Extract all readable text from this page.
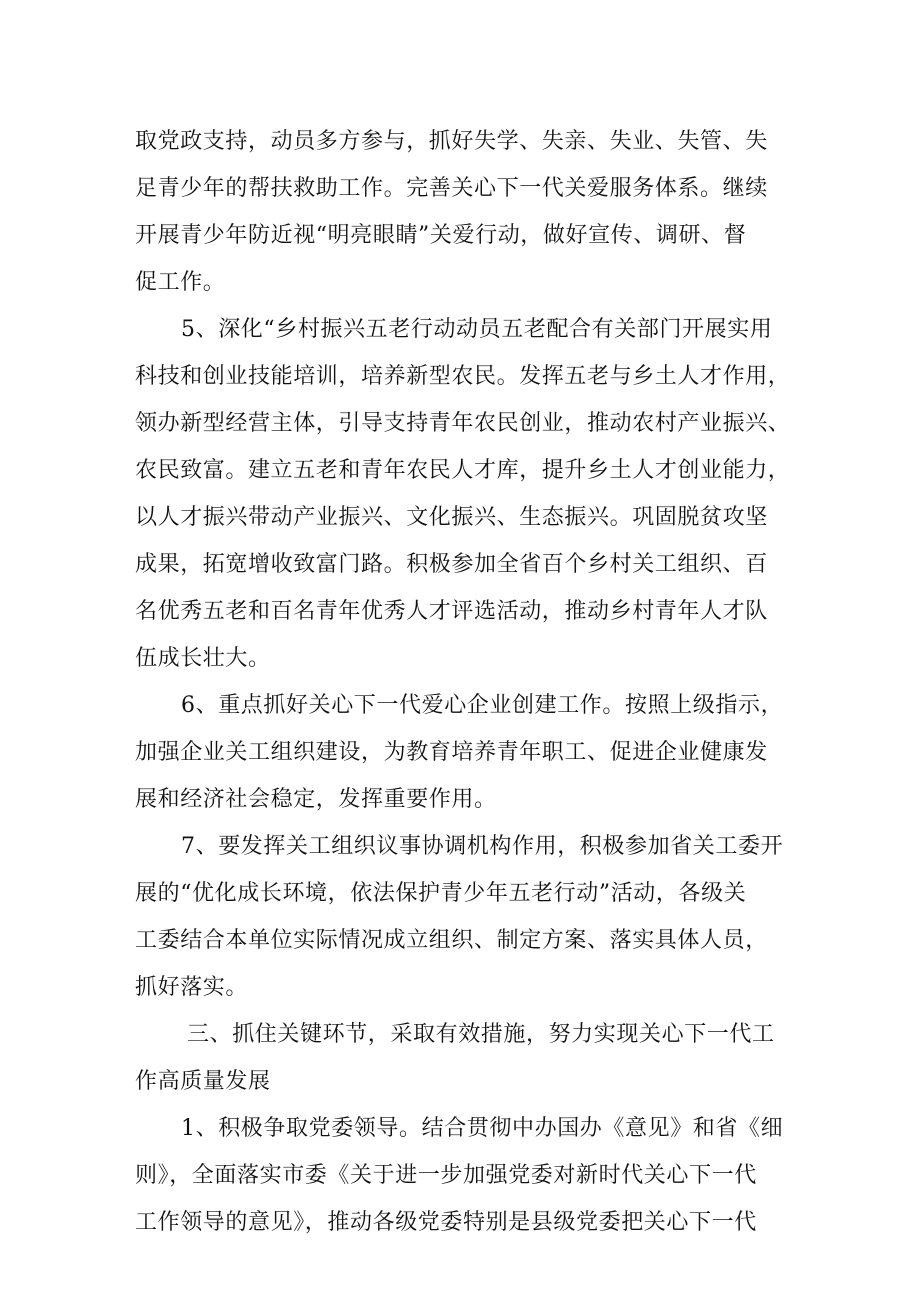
取党政支持，动员多方参与，抓好失学、失亲、失业、失管、失
足青少年的帮扶救助工作。完善关心下一代关爱服务体系。继续
开展青少年防近视“明亮眼睛”关爱行动，做好宣传、调研、督
促工作。
5、深化“乡村振兴五老行动动员五老配合有关部门开展实用
科技和创业技能培训，培养新型农民。发挥五老与乡土人才作用，
领办新型经营主体，引导支持青年农民创业，推动农村产业振兴、
农民致富。建立五老和青年农民人才库，提升乡土人才创业能力，
以人才振兴带动产业振兴、文化振兴、生态振兴。巩固脱贫攻坚
成果，拓宽增收致富门路。积极参加全省百个乡村关工组织、百
名优秀五老和百名青年优秀人才评选活动，推动乡村青年人才队
伍成长壮大。
6、重点抓好关心下一代爱心企业创建工作。按照上级指示，
加强企业关工组织建设，为教育培养青年职工、促进企业健康发
展和经济社会稳定，发挥重要作用。
7、要发挥关工组织议事协调机构作用，积极参加省关工委开
展的“优化成长环境，依法保护青少年五老行动”活动，各级关
工委结合本单位实际情况成立组织、制定方案、落实具体人员，
抓好落实。
三、抓住关键环节，采取有效措施，努力实现关心下一代工
作高质量发展
1、积极争取党委领导。结合贯彻中办国办《意见》和省《细
则》，全面落实市委《关于进一步加强党委对新时代关心下一代
工作领导的意见》，推动各级党委特别是县级党委把关心下一代
